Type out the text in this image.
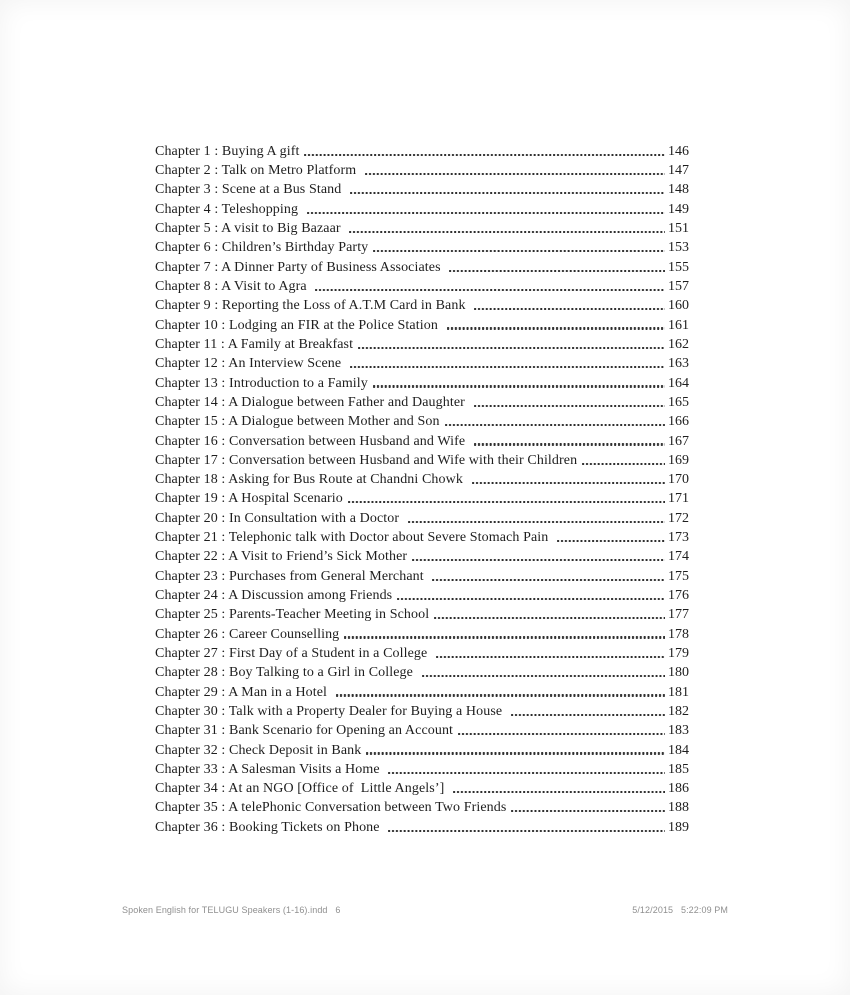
Chapter 1 : Buying A gift	146
Chapter 2 : Talk on Metro Platform	147
Chapter 3 : Scene at a Bus Stand	148
Chapter 4 : Teleshopping	149
Chapter 5 : A visit to Big Bazaar	151
Chapter 6 : Children’s Birthday Party	153
Chapter 7 : A Dinner Party of Business Associates	155
Chapter 8 : A Visit to Agra	157
Chapter 9 : Reporting the Loss of A.T.M Card in Bank	160
Chapter 10 : Lodging an FIR at the Police Station	161
Chapter 11 : A Family at Breakfast	162
Chapter 12 : An Interview Scene	163
Chapter 13 : Introduction to a Family	164
Chapter 14 : A Dialogue between Father and Daughter	165
Chapter 15 : A Dialogue between Mother and Son	166
Chapter 16 : Conversation between Husband and Wife	167
Chapter 17 : Conversation between Husband and Wife with their Children	169
Chapter 18 : Asking for Bus Route at Chandni Chowk	170
Chapter 19 : A Hospital Scenario	171
Chapter 20 : In Consultation with a Doctor	172
Chapter 21 : Telephonic talk with Doctor about Severe Stomach Pain	173
Chapter 22 : A Visit to Friend’s Sick Mother	174
Chapter 23 : Purchases from General Merchant	175
Chapter 24 : A Discussion among Friends	176
Chapter 25 : Parents-Teacher Meeting in School	177
Chapter 26 : Career Counselling	178
Chapter 27 : First Day of a Student in a College	179
Chapter 28 : Boy Talking to a Girl in College	180
Chapter 29 : A Man in a Hotel	181
Chapter 30 : Talk with a Property Dealer for Buying a House	182
Chapter 31 : Bank Scenario for Opening an Account	183
Chapter 32 : Check Deposit in Bank	184
Chapter 33 : A Salesman Visits a Home	185
Chapter 34 : At an NGO [Office of  Little Angels’]	186
Chapter 35 : A telePhonic Conversation between Two Friends	188
Chapter 36 : Booking Tickets on Phone	189
Spoken English for TELUGU Speakers (1-16).indd   6	5/12/2015   5:22:09 PM
